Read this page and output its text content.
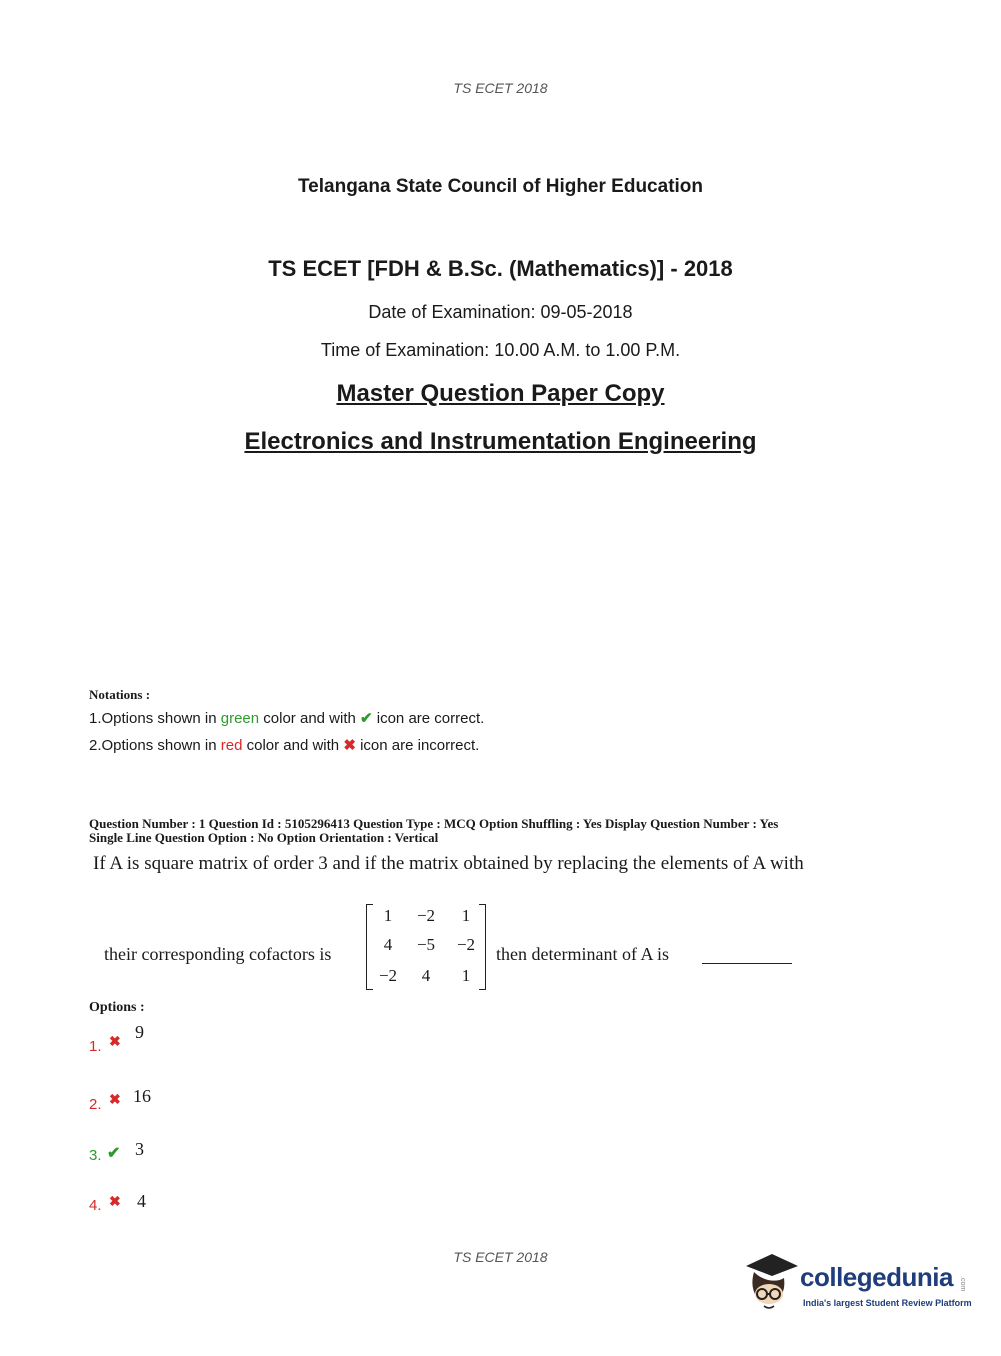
TS ECET 2018
Telangana State Council of Higher Education
TS ECET [FDH & B.Sc. (Mathematics)] - 2018
Date of Examination: 09-05-2018
Time of Examination: 10.00 A.M. to 1.00 P.M.
Master Question Paper Copy
Electronics and Instrumentation Engineering
Notations :
1.Options shown in green color and with ✔ icon are correct.
2.Options shown in red color and with ✖ icon are incorrect.
Question Number : 1 Question Id : 5105296413 Question Type : MCQ Option Shuffling : Yes Display Question Number : Yes
Single Line Question Option : No Option Orientation : Vertical
If A is square matrix of order 3 and if the matrix obtained by replacing the elements of A with
their corresponding cofactors is
1	−2	1
4	−5 −2
−2	4	1
then determinant of A is
Options :
1. ✖
9
2. ✖ 16
3. ✔ 3
4. ✖ 4
TS ECET 2018
collegedunia .com
India's largest Student Review Platform
